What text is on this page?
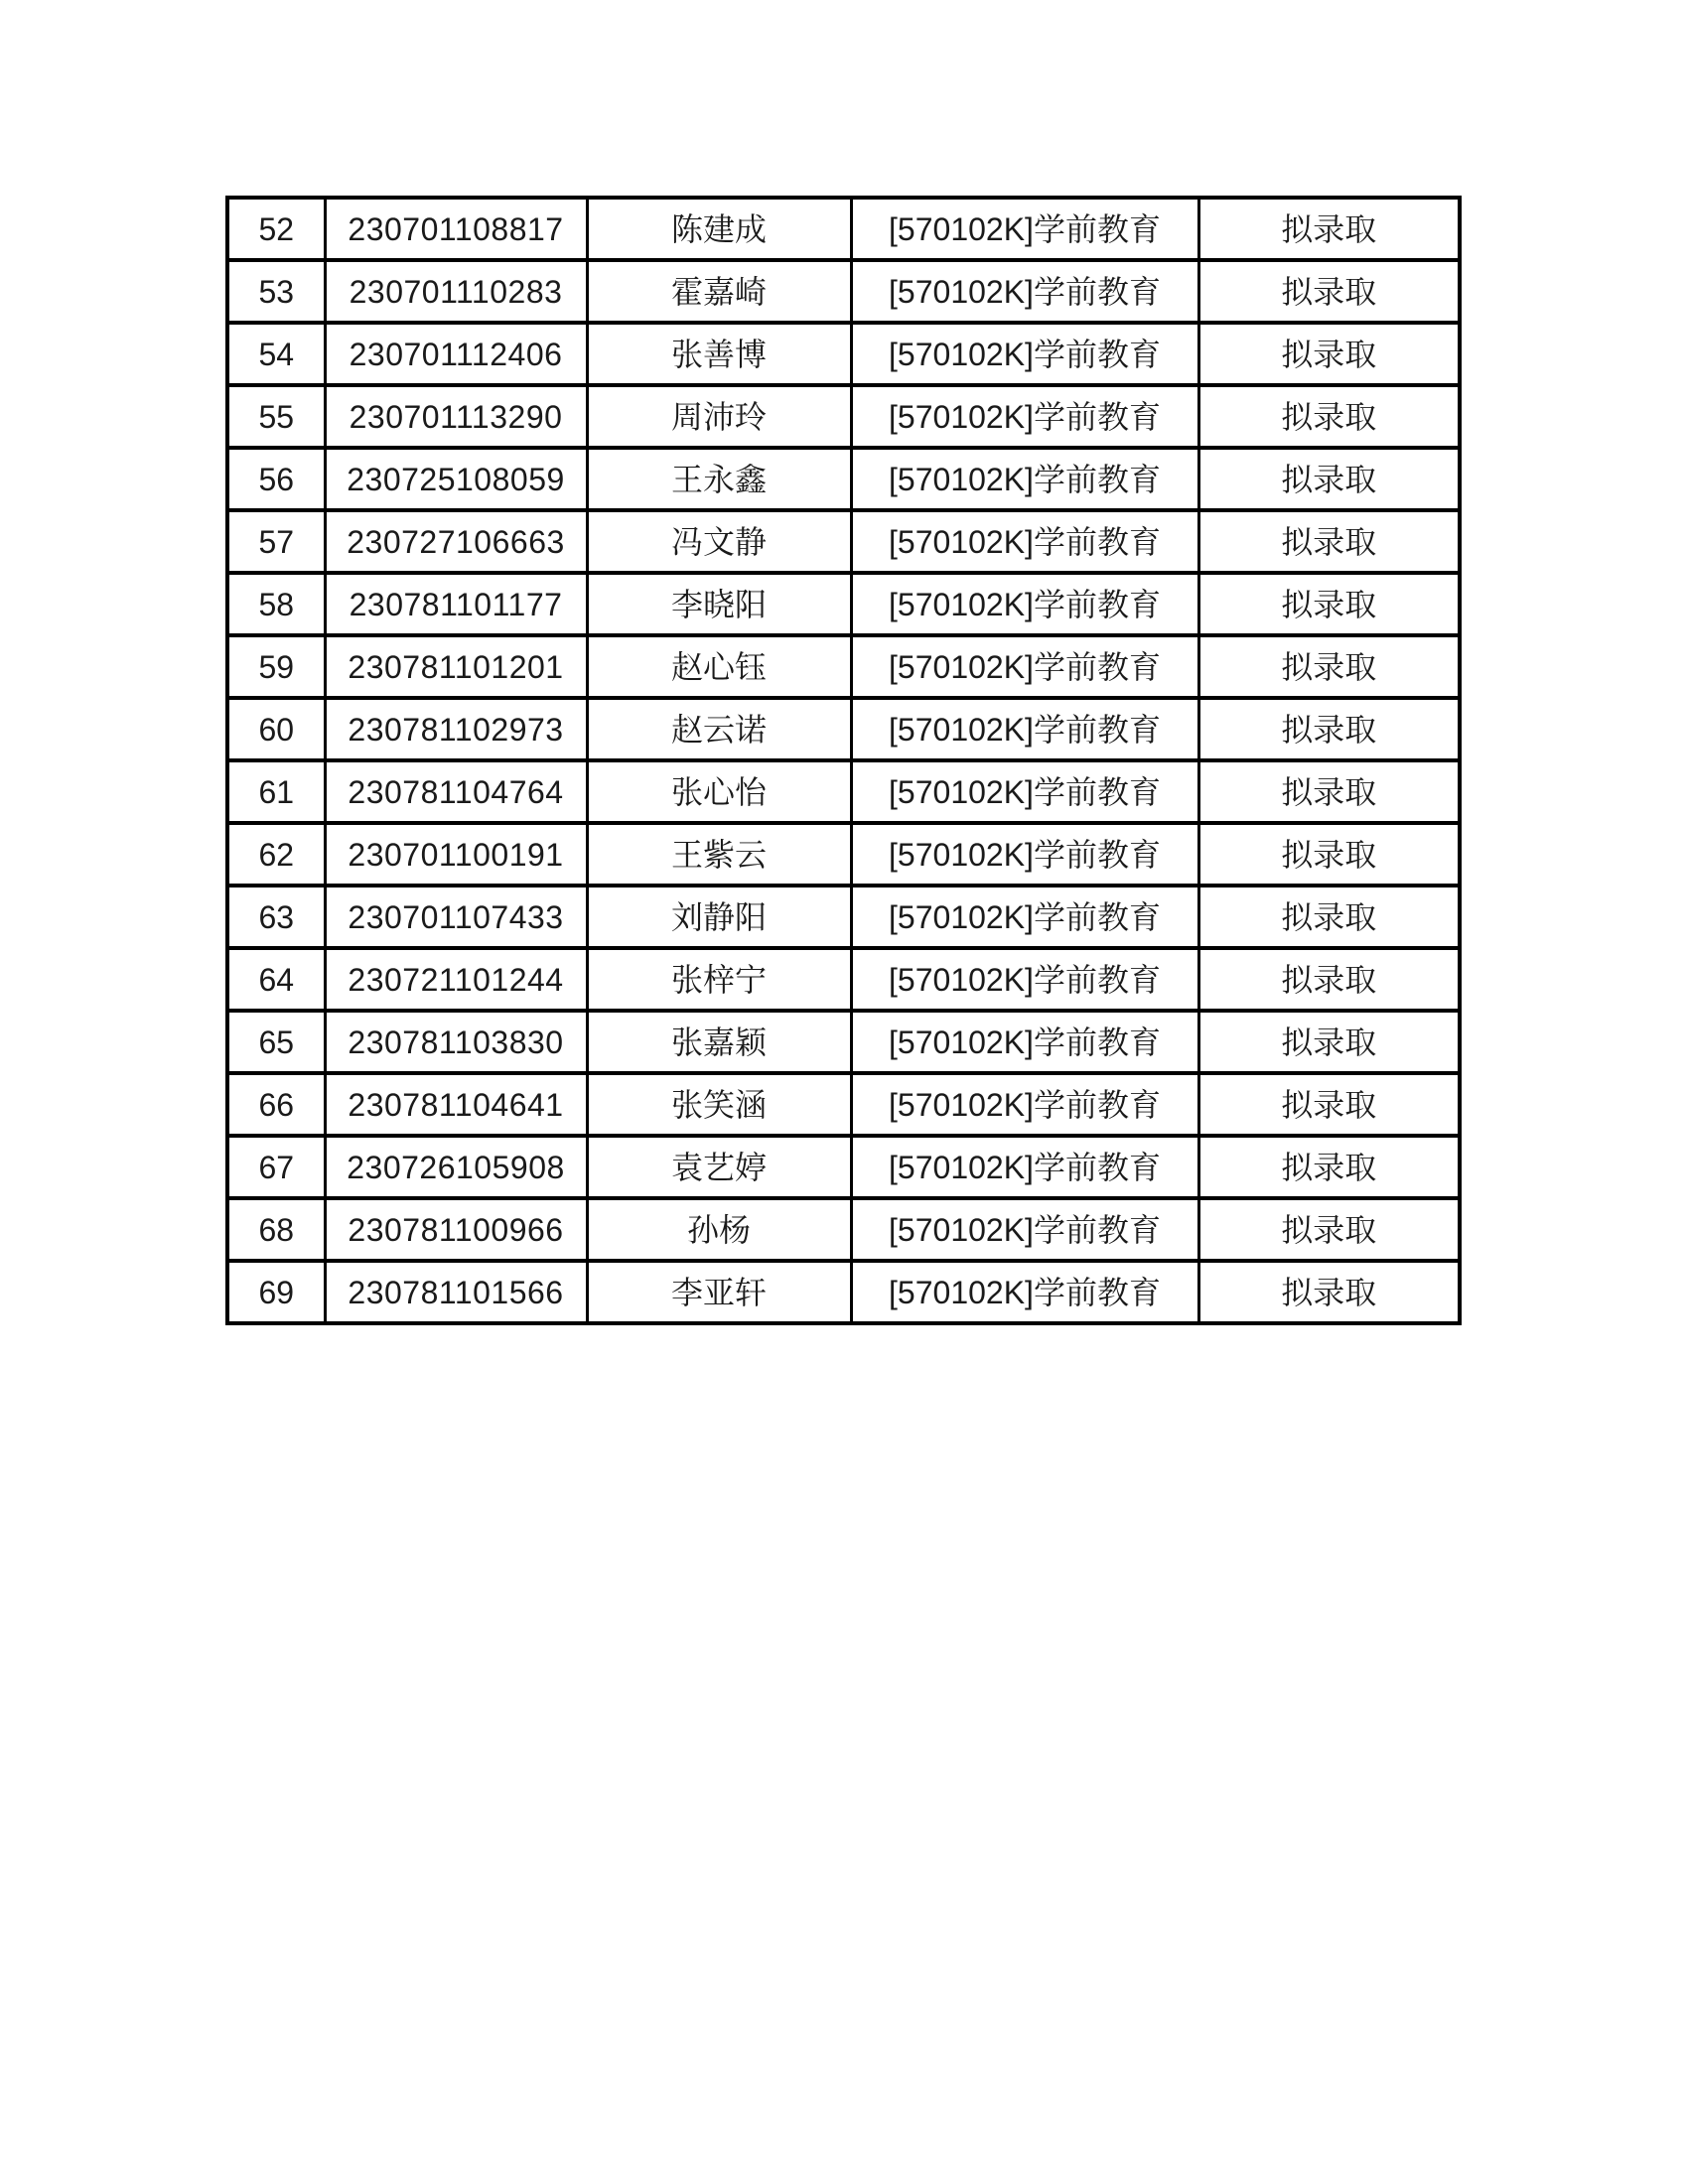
52	230701108817	陈建成	[570102K]学前教育	拟录取
53	230701110283	霍嘉崎	[570102K]学前教育	拟录取
54	230701112406	张善博	[570102K]学前教育	拟录取
55	230701113290	周沛玲	[570102K]学前教育	拟录取
56	230725108059	王永鑫	[570102K]学前教育	拟录取
57	230727106663	冯文静	[570102K]学前教育	拟录取
58	230781101177	李晓阳	[570102K]学前教育	拟录取
59	230781101201	赵心钰	[570102K]学前教育	拟录取
60	230781102973	赵云诺	[570102K]学前教育	拟录取
61	230781104764	张心怡	[570102K]学前教育	拟录取
62	230701100191	王紫云	[570102K]学前教育	拟录取
63	230701107433	刘静阳	[570102K]学前教育	拟录取
64	230721101244	张梓宁	[570102K]学前教育	拟录取
65	230781103830	张嘉颖	[570102K]学前教育	拟录取
66	230781104641	张笑涵	[570102K]学前教育	拟录取
67	230726105908	袁艺婷	[570102K]学前教育	拟录取
68	230781100966	孙杨	[570102K]学前教育	拟录取
69	230781101566	李亚轩	[570102K]学前教育	拟录取
